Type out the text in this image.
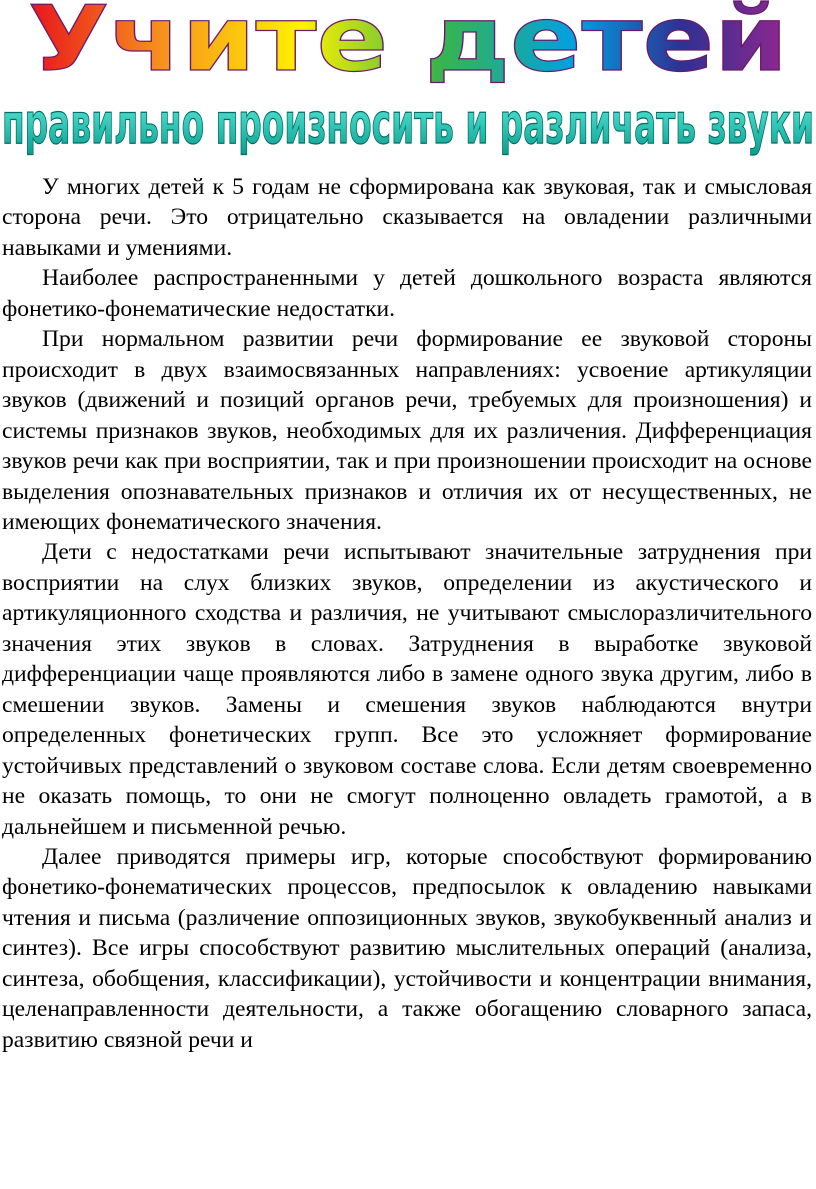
Учите детей
правильно произносить и различать звуки

У многих детей к 5 годам не сформирована как звуковая, так и смысловая сторона речи. Это отрицательно сказывается на овладении различными навыками и умениями.

Наиболее распространенными у детей дошкольного возраста являются фонетико-фонематические недостатки.

При нормальном развитии речи формирование ее звуковой стороны происходит в двух взаимосвязанных направлениях: усвоение артикуляции звуков (движений и позиций органов речи, требуемых для произношения) и системы признаков звуков, необходимых для их различения. Дифференциация звуков речи как при восприятии, так и при произношении происходит на основе выделения опознавательных признаков и отличия их от несущественных, не имеющих фонематического значения.

Дети с недостатками речи испытывают значительные затруднения при восприятии на слух близких звуков, определении из акустического и артикуляционного сходства и различия, не учитывают смыслоразличительного значения этих звуков в словах. Затруднения в выработке звуковой дифференциации чаще проявляются либо в замене одного звука другим, либо в смешении звуков. Замены и смешения звуков наблюдаются внутри определенных фонетических групп. Все это усложняет формирование устойчивых представлений о звуковом составе слова. Если детям своевременно не оказать помощь, то они не смогут полноценно овладеть грамотой, а в дальнейшем и письменной речью.

Далее приводятся примеры игр, которые способствуют формированию фонетико-фонематических процессов, предпосылок к овладению навыками чтения и письма (различение оппозиционных звуков, звукобуквенный анализ и синтез). Все игры способствуют развитию мыслительных операций (анализа, синтеза, обобщения, классификации), устойчивости и концентрации внимания, целенаправленности деятельности, а также обогащению словарного запаса, развитию связной речи и
